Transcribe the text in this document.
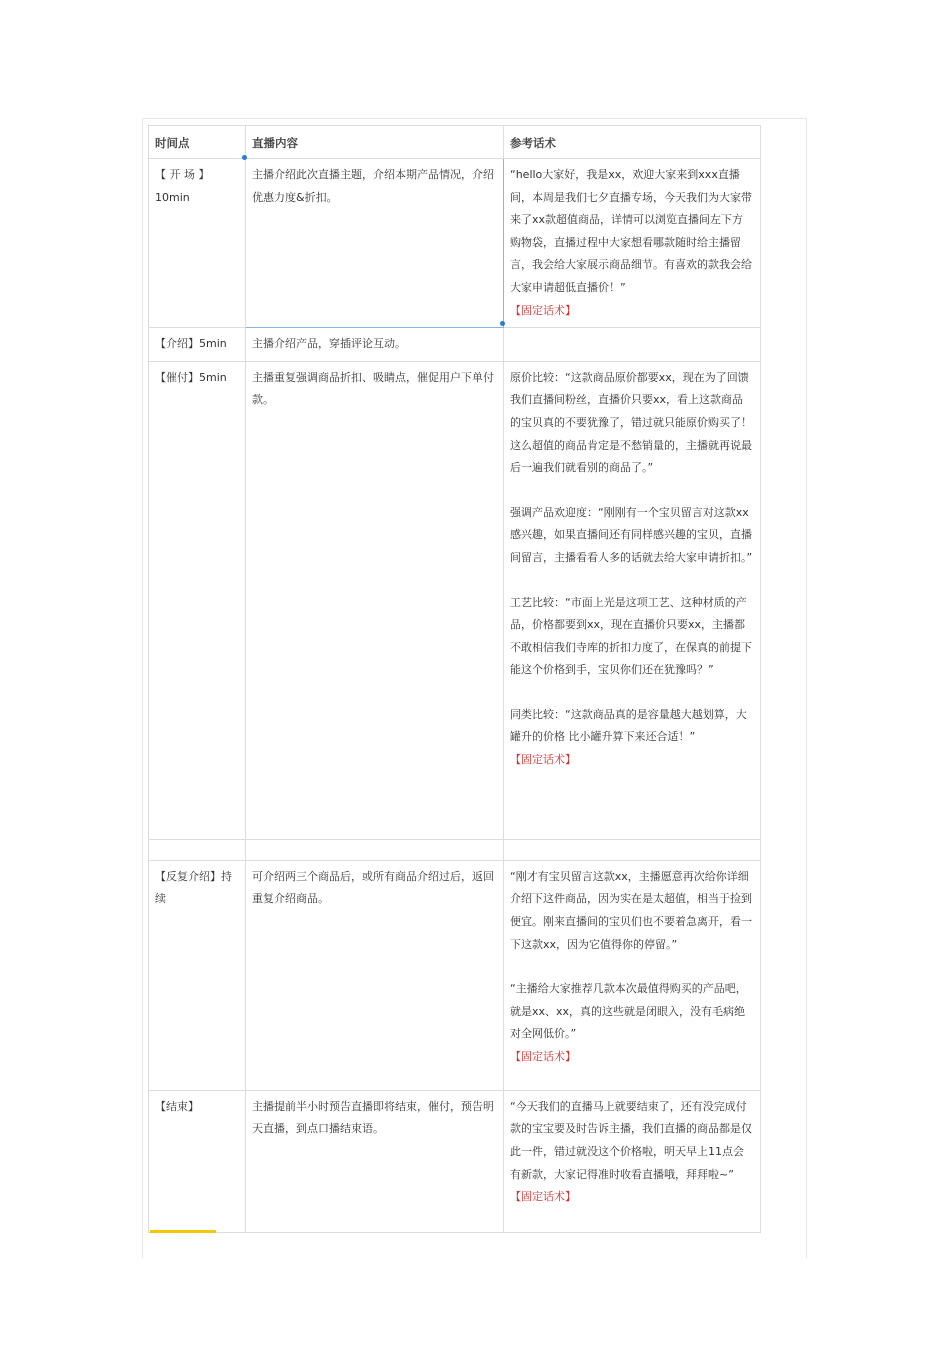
时间点	直播内容	参考话术

【 开 场 】10min	主播介绍此次直播主题，介绍本期产品情况，介绍优惠力度&折扣。	“hello大家好，我是xx，欢迎大家来到xxx直播间，本周是我们七夕直播专场，今天我们为大家带来了xx款超值商品，详情可以浏览直播间左下方购物袋，直播过程中大家想看哪款随时给主播留言，我会给大家展示商品细节。有喜欢的款我会给大家申请超低直播价！”
【固定话术】

【介绍】5min	主播介绍产品，穿插评论互动。	
【催付】5min	主播重复强调商品折扣、吸睛点，催促用户下单付款。	原价比较：“这款商品原价都要xx，现在为了回馈我们直播间粉丝，直播价只要xx，看上这款商品的宝贝真的不要犹豫了，错过就只能原价购买了！这么超值的商品肯定是不愁销量的，主播就再说最后一遍我们就看别的商品了。”
强调产品欢迎度：“刚刚有一个宝贝留言对这款xx感兴趣，如果直播间还有同样感兴趣的宝贝，直播间留言，主播看看人多的话就去给大家申请折扣。”
工艺比较：“市面上光是这项工艺、这种材质的产品，价格都要到xx，现在直播价只要xx，主播都不敢相信我们寺库的折扣力度了，在保真的前提下能这个价格到手，宝贝你们还在犹豫吗？”
同类比较：“这款商品真的是容量越大越划算，大罐升的价格 比小罐升算下来还合适！”
【固定话术】

【反复介绍】持续	可介绍两三个商品后，或所有商品介绍过后，返回重复介绍商品。	“刚才有宝贝留言这款xx，主播愿意再次给你详细介绍下这件商品，因为实在是太超值，相当于捡到便宜。刚来直播间的宝贝们也不要着急离开，看一下这款xx，因为它值得你的停留。”
“主播给大家推荐几款本次最值得购买的产品吧，就是xx、xx，真的这些就是闭眼入，没有毛病绝对全网低价。”
【固定话术】

【结束】	主播提前半小时预告直播即将结束，催付，预告明天直播，到点口播结束语。	“今天我们的直播马上就要结束了，还有没完成付款的宝宝要及时告诉主播，我们直播的商品都是仅此一件，错过就没这个价格啦，明天早上11点会有新款，大家记得准时收看直播哦，拜拜啦~”
【固定话术】
